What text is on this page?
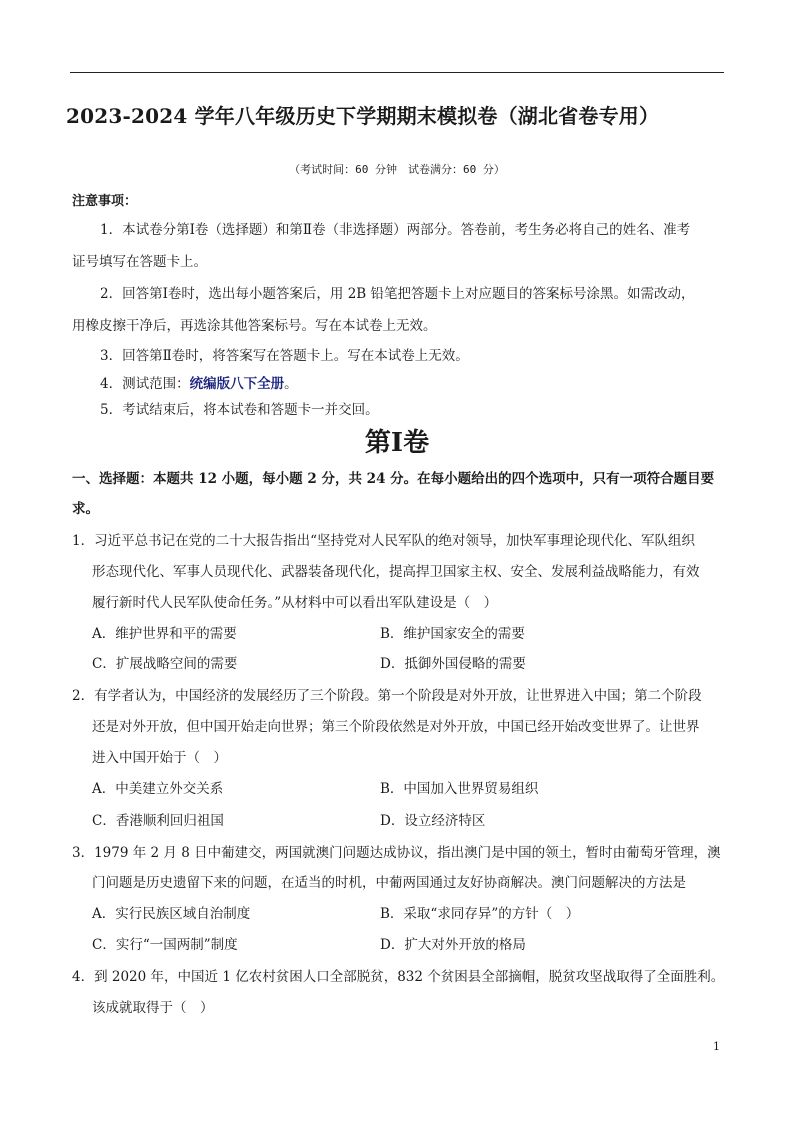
2023-2024 学年八年级历史下学期期末模拟卷（湖北省卷专用）
（考试时间：60 分钟　试卷满分：60 分）
注意事项：
1．本试卷分第Ⅰ卷（选择题）和第Ⅱ卷（非选择题）两部分。答卷前，考生务必将自己的姓名、准考
证号填写在答题卡上。
2．回答第Ⅰ卷时，选出每小题答案后，用 2B 铅笔把答题卡上对应题目的答案标号涂黑。如需改动，
用橡皮擦干净后，再选涂其他答案标号。写在本试卷上无效。
3．回答第Ⅱ卷时，将答案写在答题卡上。写在本试卷上无效。
4．测试范围：统编版八下全册。
5．考试结束后，将本试卷和答题卡一并交回。
第Ⅰ卷
一、选择题：本题共 12 小题，每小题 2 分，共 24 分。在每小题给出的四个选项中，只有一项符合题目要求。
1．习近平总书记在党的二十大报告指出“坚持党对人民军队的绝对领导，加快军事理论现代化、军队组织
形态现代化、军事人员现代化、武器装备现代化，提高捍卫国家主权、安全、发展利益战略能力，有效
履行新时代人民军队使命任务。”从材料中可以看出军队建设是（　）
A．维护世界和平的需要	B．维护国家安全的需要
C．扩展战略空间的需要	D．抵御外国侵略的需要
2．有学者认为，中国经济的发展经历了三个阶段。第一个阶段是对外开放，让世界进入中国；第二个阶段
还是对外开放，但中国开始走向世界；第三个阶段依然是对外开放，中国已经开始改变世界了。让世界
进入中国开始于（　）
A．中美建立外交关系	B．中国加入世界贸易组织
C．香港顺利回归祖国	D．设立经济特区
3．1979 年 2 月 8 日中葡建交，两国就澳门问题达成协议，指出澳门是中国的领土，暂时由葡萄牙管理，澳
门问题是历史遗留下来的问题，在适当的时机，中葡两国通过友好协商解决。澳门问题解决的方法是
A．实行民族区域自治制度	B．采取“求同存异”的方针（　）
C．实行“一国两制”制度	D．扩大对外开放的格局
4．到 2020 年，中国近 1 亿农村贫困人口全部脱贫，832 个贫困县全部摘帽，脱贫攻坚战取得了全面胜利。
该成就取得于（　）
1
